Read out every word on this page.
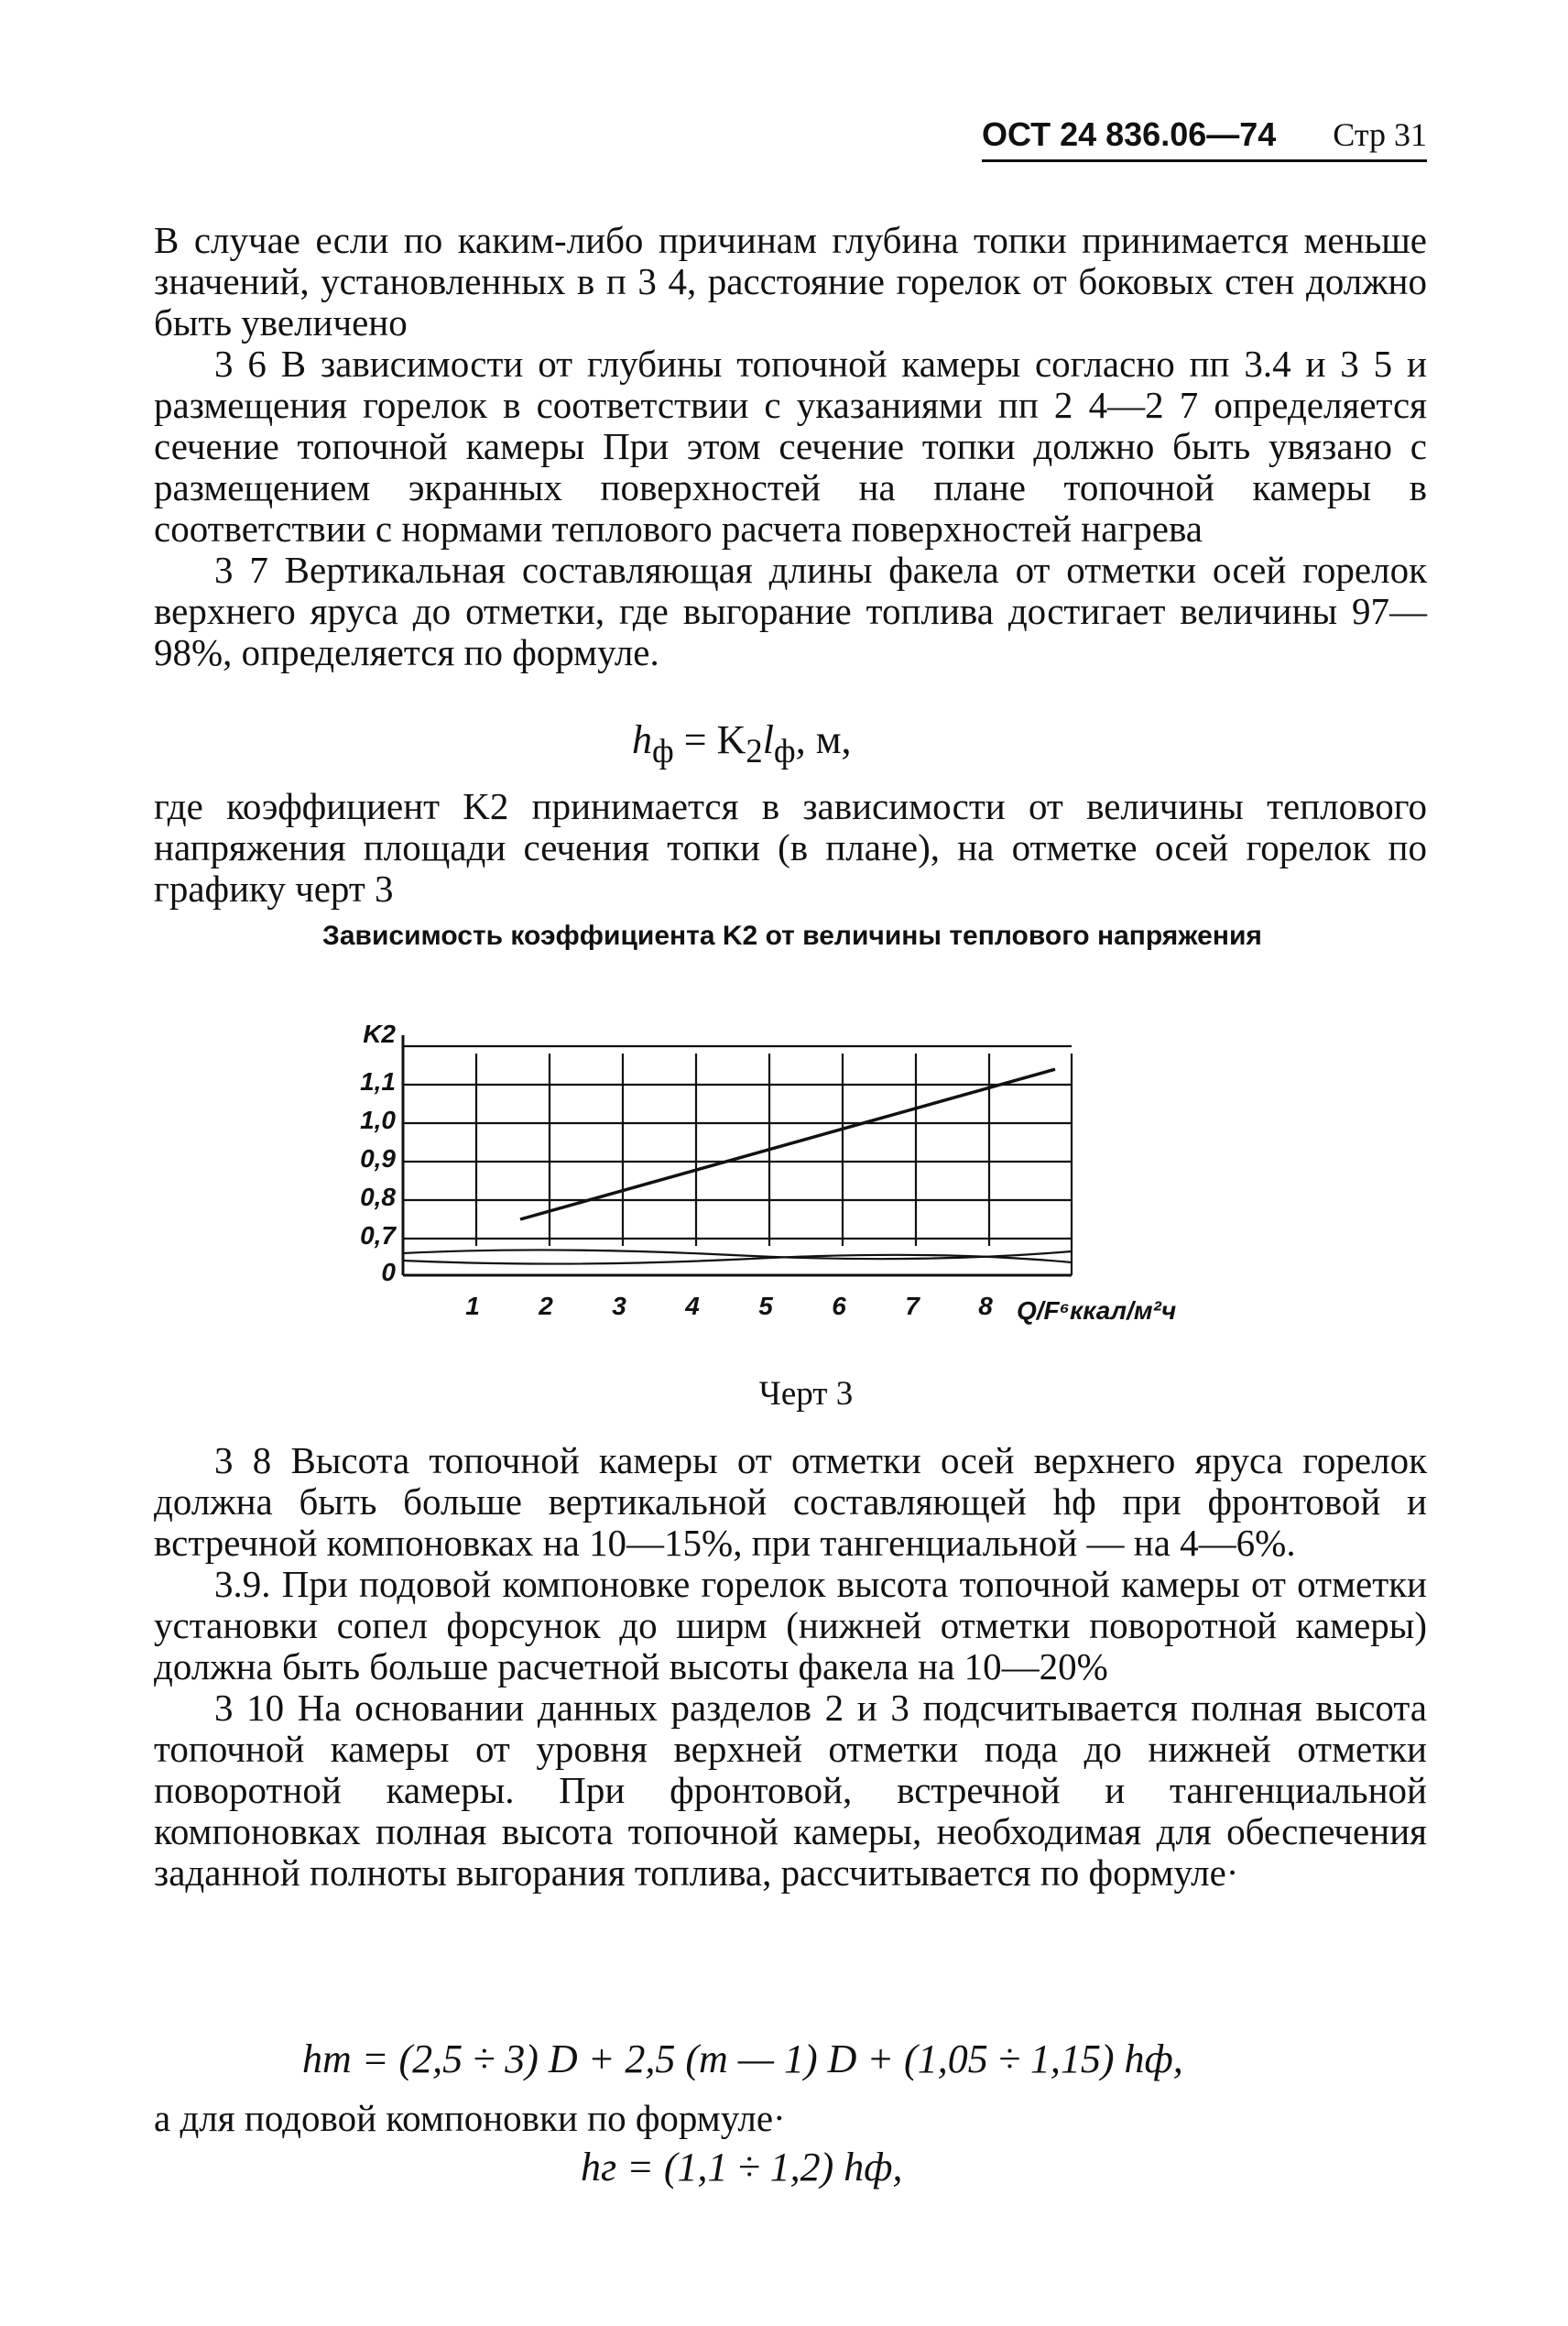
ОСТ 24 836.06—74 Стр 31

В случае если по каким-либо причинам глубина топки принимается меньше значений, установленных в п 3 4, расстояние горелок от боковых стен должно быть увеличено

3 6 В зависимости от глубины топочной камеры согласно пп 3.4 и 3 5 и размещения горелок в соответствии с указаниями пп 2 4—2 7 определяется сечение топочной камеры При этом сечение топки должно быть увязано с размещением экранных поверхностей на плане топочной камеры в соответствии с нормами теплового расчета поверхностей нагрева

3 7 Вертикальная составляющая длины факела от отметки осей горелок верхнего яруса до отметки, где выгорание топлива достигает величины 97—98%, определяется по формуле.

$h_ф = K_2l_ф$, м,

где коэффициент K2 принимается в зависимости от величины теплового напряжения площади сечения топки (в плане), на отметке осей горелок по графику черт 3

Зависимость коэффициента K2 от величины теплового напряжения
0
0,7
0,8
0,9
1,0
1,1
K2
1 2 3 4 5 6 7 8 Q/F⁶ккал/м²ч
Черт 3

3 8 Высота топочной камеры от отметки осей верхнего яруса горелок должна быть больше вертикальной составляющей hф при фронтовой и встречной компоновках на 10—15%, при тангенциальной — на 4—6%.

3.9. При подовой компоновке горелок высота топочной камеры от отметки установки сопел форсунок до ширм (нижней отметки поворотной камеры) должна быть больше расчетной высоты факела на 10—20%

3 10 На основании данных разделов 2 и 3 подсчитывается полная высота топочной камеры от уровня верхней отметки пода до нижней отметки поворотной камеры. При фронтовой, встречной и тангенциальной компоновках полная высота топочной камеры, необходимая для обеспечения заданной полноты выгорания топлива, рассчитывается по формуле·

hт = (2,5 ÷ 3) D + 2,5 (m — 1) D + (1,05 ÷ 1,15) hф,

а для подовой компоновки по формуле·

hг = (1,1 ÷ 1,2) hф,
